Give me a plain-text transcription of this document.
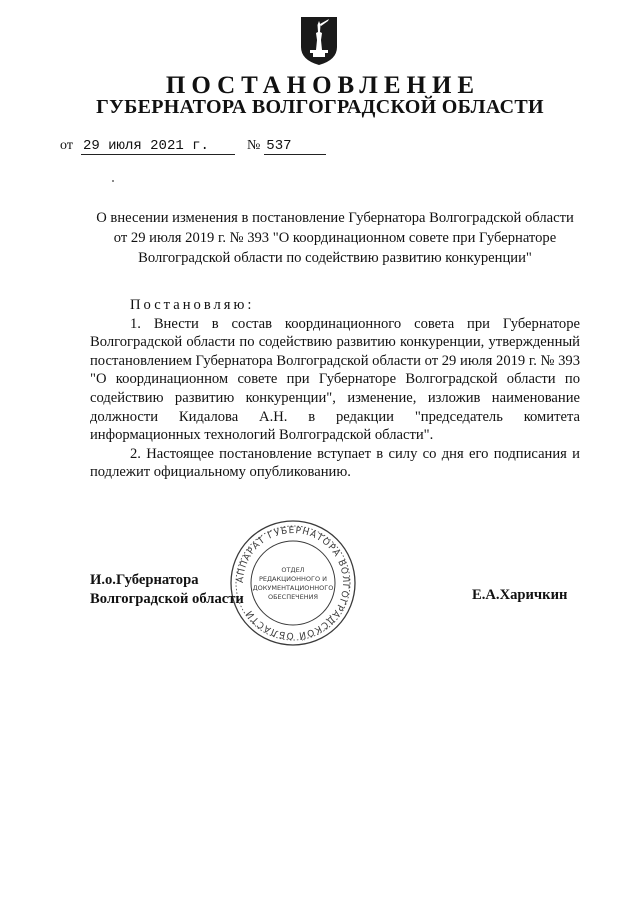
ПОСТАНОВЛЕНИЕ
ГУБЕРНАТОРА ВОЛГОГРАДСКОЙ ОБЛАСТИ
от 29 июля 2021 г.	№ 537
О внесении изменения в постановление Губернатора Волгоградской области от 29 июля 2019 г. № 393 "О координационном совете при Губернаторе Волгоградской области по содействию развитию конкуренции"

Постановляю:

1. Внести в состав координационного совета при Губернаторе Волгоградской области по содействию развитию конкуренции, утвержденный постановлением Губернатора Волгоградской области от 29 июля 2019 г. № 393 "О координационном совете при Губернаторе Волгоградской области по содействию развитию конкуренции", изменение, изложив наименование должности Кидалова А.Н. в редакции "председатель комитета информационных технологий Волгоградской области".

2. Настоящее постановление вступает в силу со дня его подписания и подлежит официальному опубликованию.

АППАРАТ ГУБЕРНАТОРА ВОЛГОГРАДСКОЙ ОБЛАСТИ
ОТДЕЛ
РЕДАКЦИОННОГО И
ДОКУМЕНТАЦИОННОГО
ОБЕСПЕЧЕНИЯ
И.о.Губернатора
Волгоградской области	Е.А.Харичкин
